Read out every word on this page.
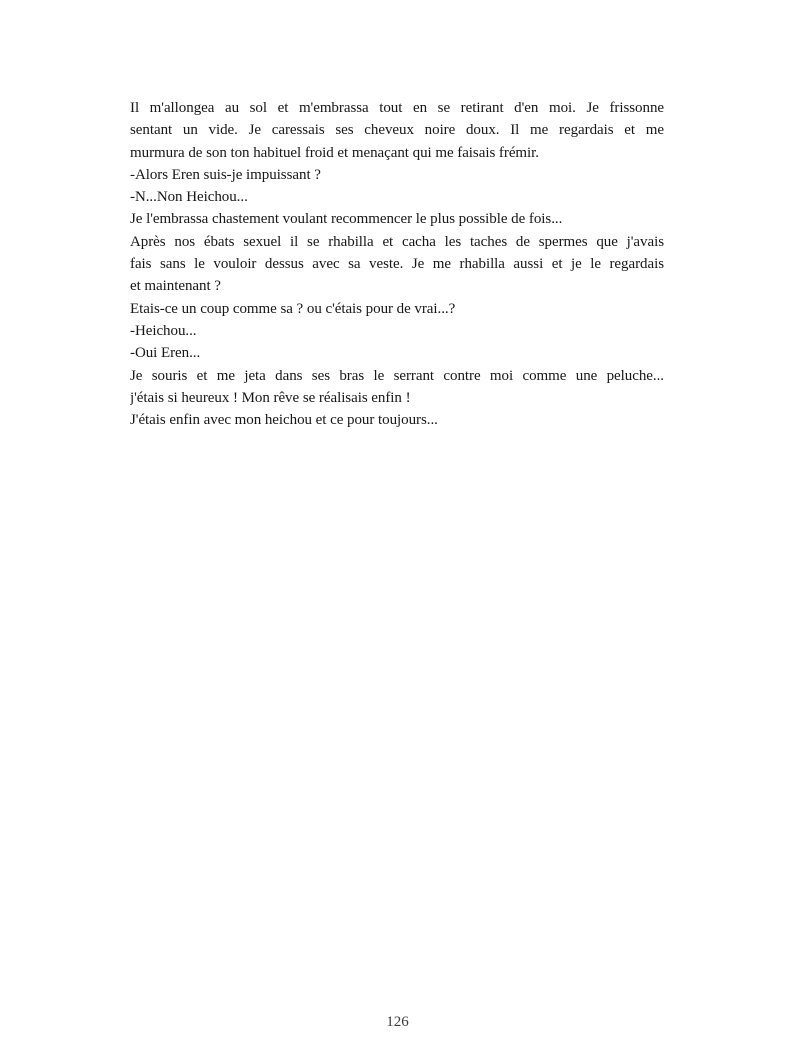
Il m'allongea au sol et m'embrassa tout en se retirant d'en moi. Je frissonne
sentant un vide. Je caressais ses cheveux noire doux. Il me regardais et me
murmura de son ton habituel froid et menaçant qui me faisais frémir.
-Alors Eren suis-je impuissant ?
-N...Non Heichou...
Je l'embrassa chastement voulant recommencer le plus possible de fois...
Après nos ébats sexuel il se rhabilla et cacha les taches de spermes que j'avais
fais sans le vouloir dessus avec sa veste. Je me rhabilla aussi et je le regardais
et maintenant ?
Etais-ce un coup comme sa ? ou c'étais pour de vrai...?
-Heichou...
-Oui Eren...
Je souris et me jeta dans ses bras le serrant contre moi comme une peluche...
j'étais si heureux ! Mon rêve se réalisais enfin !
J'étais enfin avec mon heichou et ce pour toujours...
126
